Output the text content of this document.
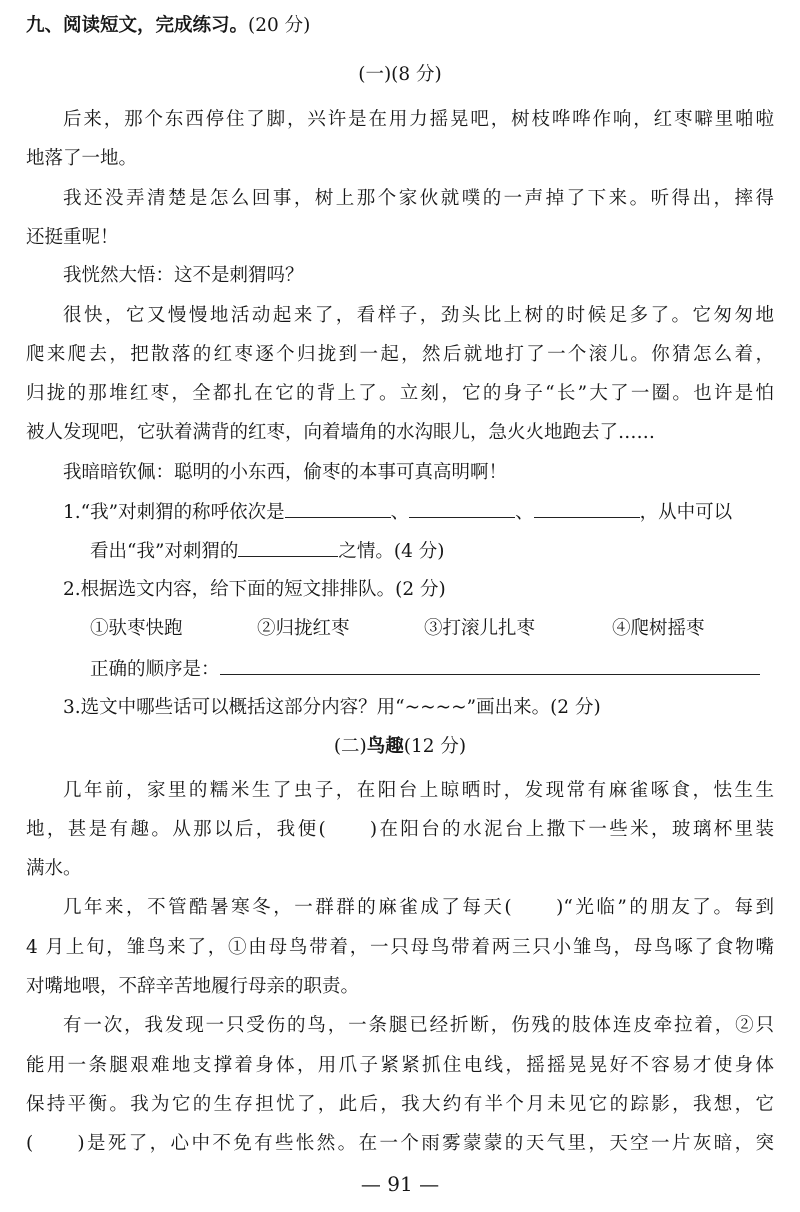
九、阅读短文，完成练习。(20 分)
(一)(8 分)
后来，那个东西停住了脚，兴许是在用力摇晃吧，树枝哗哗作响，红枣噼里啪啦
地落了一地。
我还没弄清楚是怎么回事，树上那个家伙就噗的一声掉了下来。听得出，摔得
还挺重呢！
我恍然大悟：这不是刺猬吗？
很快，它又慢慢地活动起来了，看样子，劲头比上树的时候足多了。它匆匆地
爬来爬去，把散落的红枣逐个归拢到一起，然后就地打了一个滚儿。你猜怎么着，
归拢的那堆红枣，全都扎在它的背上了。立刻，它的身子“长”大了一圈。也许是怕
被人发现吧，它驮着满背的红枣，向着墙角的水沟眼儿，急火火地跑去了……
我暗暗钦佩：聪明的小东西，偷枣的本事可真高明啊！
1.“我”对刺猬的称呼依次是	、	、	，从中可以
看出“我”对刺猬的	之情。(4 分)
2.根据选文内容，给下面的短文排排队。(2 分)
①驮枣快跑	②归拢红枣	③打滚儿扎枣	④爬树摇枣
正确的顺序是：
3.选文中哪些话可以概括这部分内容？用“~~~~”画出来。(2 分)
(二)鸟趣(12 分)
几年前，家里的糯米生了虫子，在阳台上晾晒时，发现常有麻雀啄食，怯生生
地，甚是有趣。从那以后，我便(　　)在阳台的水泥台上撒下一些米，玻璃杯里装
满水。
几年来，不管酷暑寒冬，一群群的麻雀成了每天(　　)“光临”的朋友了。每到
4 月上旬，雏鸟来了，①由母鸟带着，一只母鸟带着两三只小雏鸟，母鸟啄了食物嘴
对嘴地喂，不辞辛苦地履行母亲的职责。
有一次，我发现一只受伤的鸟，一条腿已经折断，伤残的肢体连皮牵拉着，②只
能用一条腿艰难地支撑着身体，用爪子紧紧抓住电线，摇摇晃晃好不容易才使身体
保持平衡。我为它的生存担忧了，此后，我大约有半个月未见它的踪影，我想，它
(　　)是死了，心中不免有些怅然。在一个雨雾蒙蒙的天气里，天空一片灰暗，突
— 91 —
